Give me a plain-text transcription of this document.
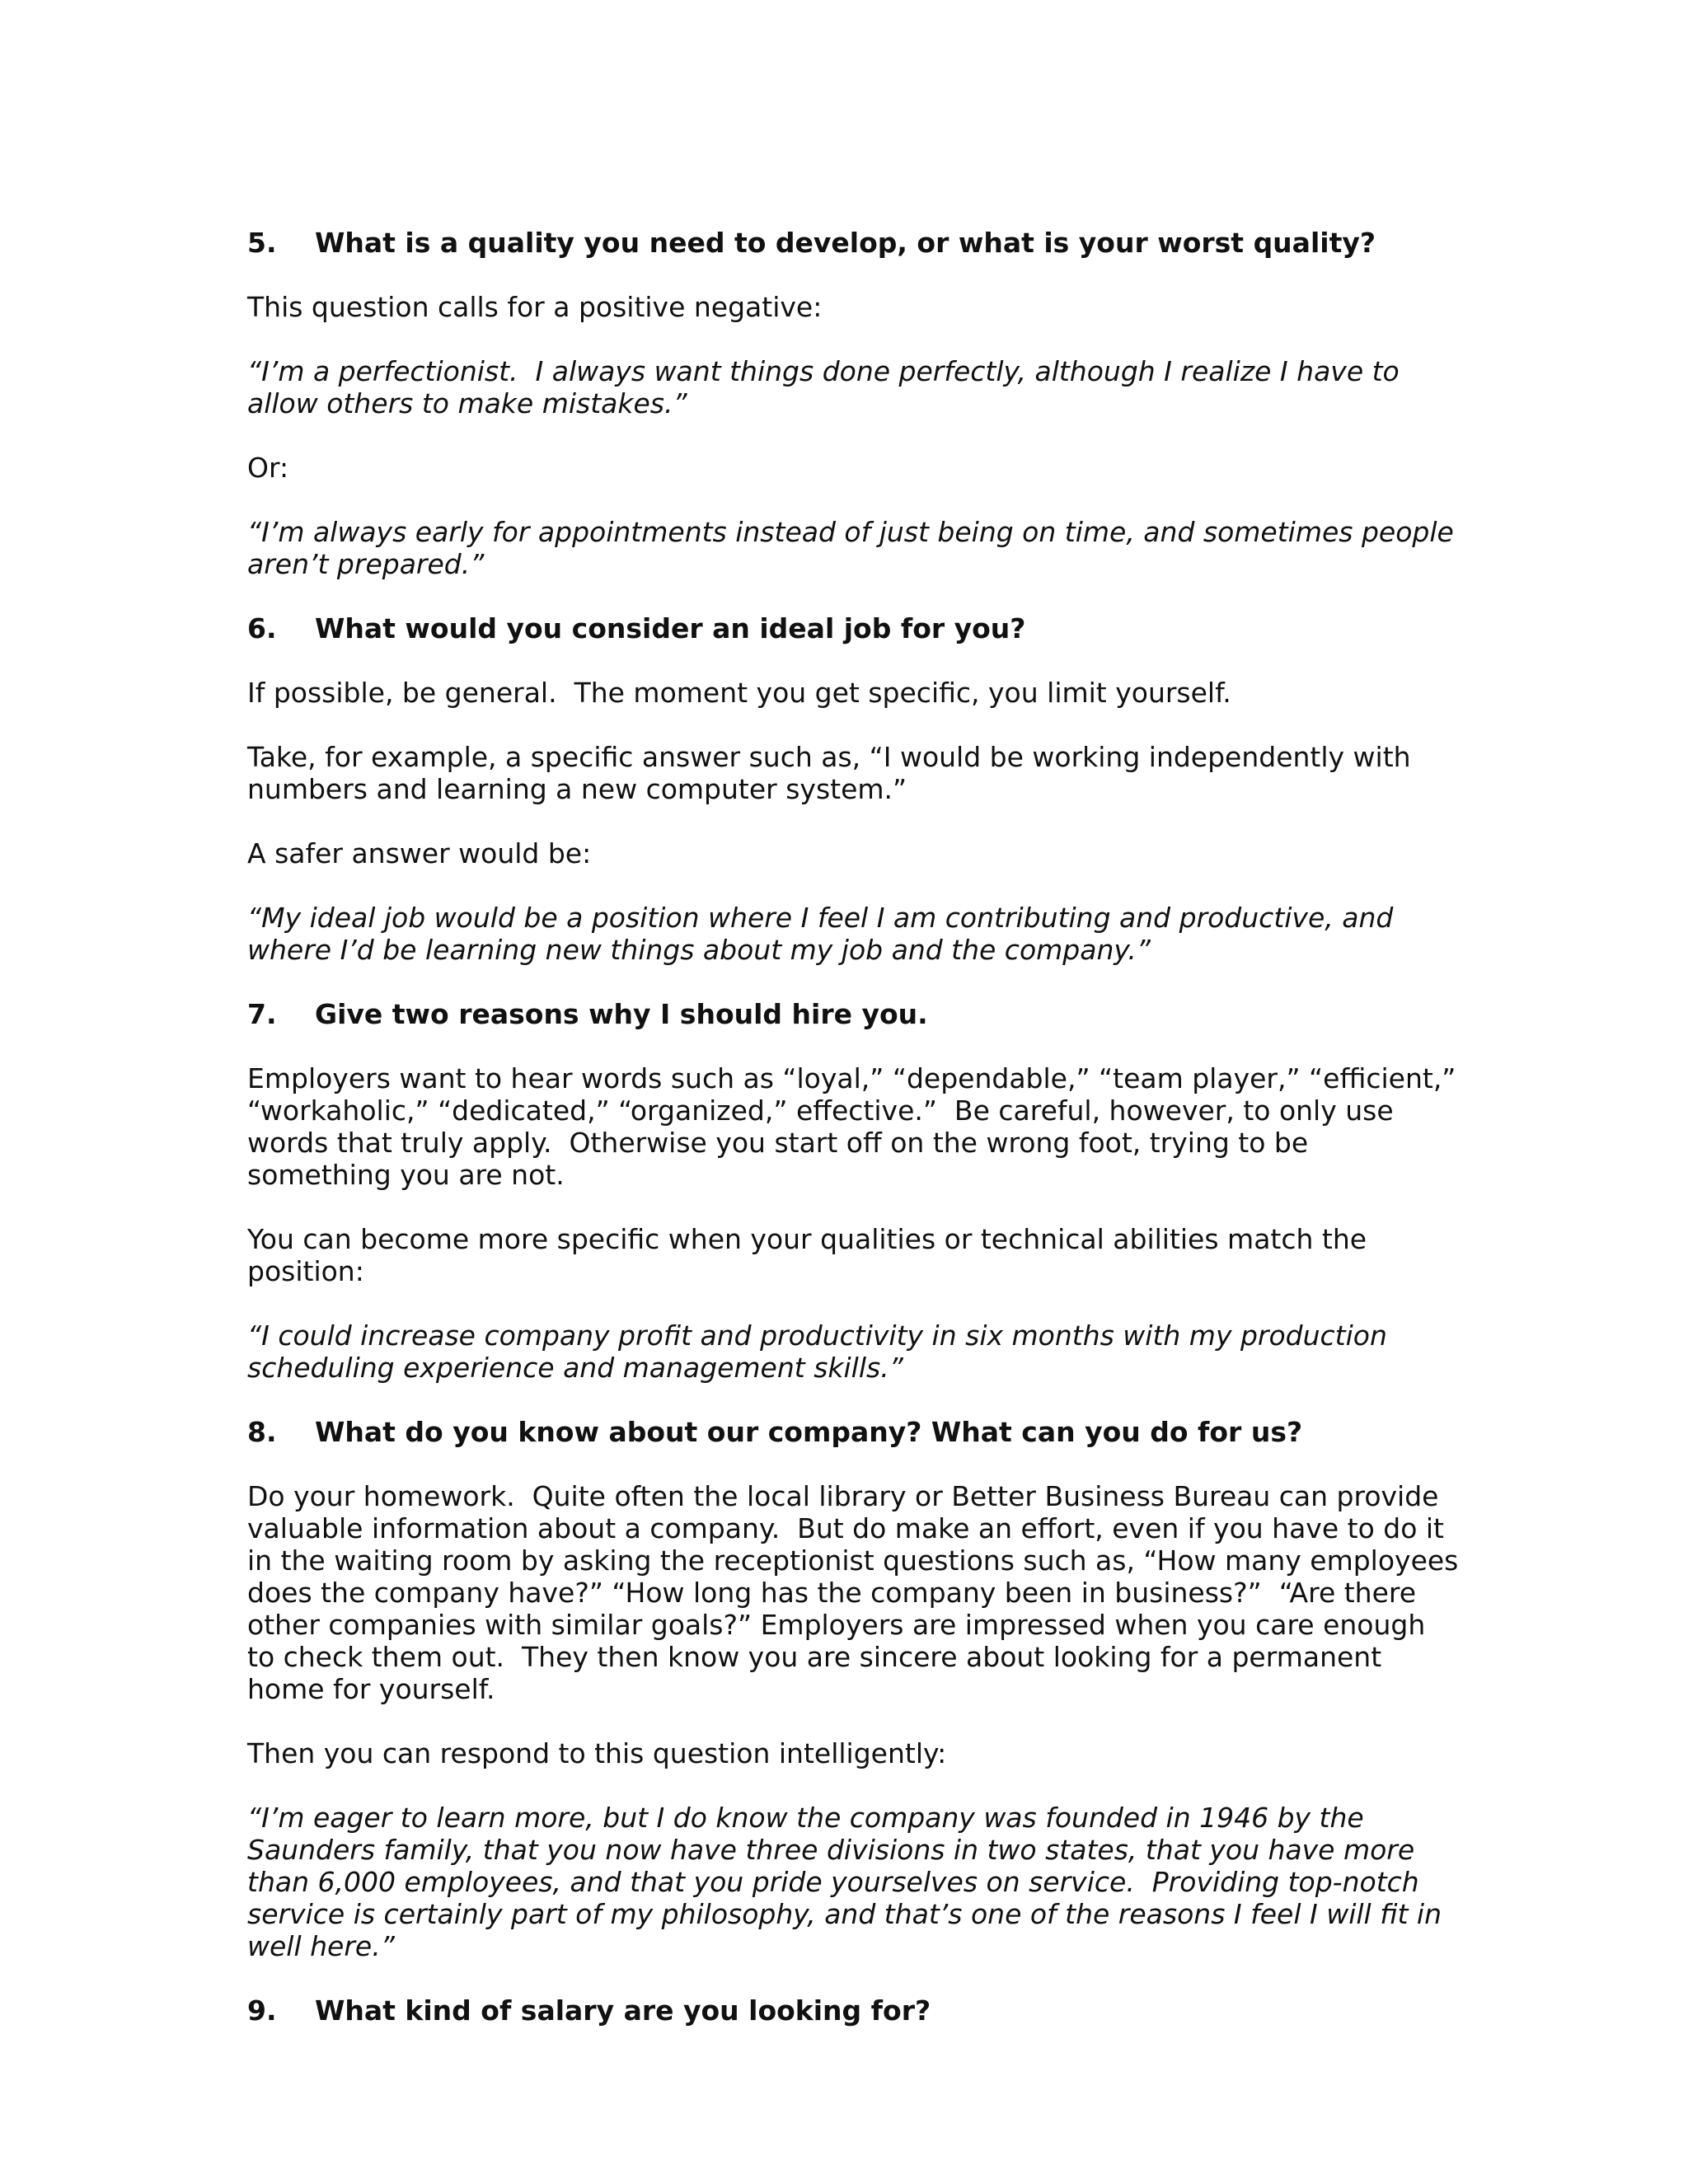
5.	What is a quality you need to develop, or what is your worst quality?
This question calls for a positive negative:
“I’m a perfectionist.  I always want things done perfectly, although I realize I have to allow others to make mistakes.”
Or:
“I’m always early for appointments instead of just being on time, and sometimes people aren’t prepared.”
6.	What would you consider an ideal job for you?
If possible, be general.  The moment you get specific, you limit yourself.
Take, for example, a specific answer such as, “I would be working independently with numbers and learning a new computer system.”
A safer answer would be:
“My ideal job would be a position where I feel I am contributing and productive, and where I’d be learning new things about my job and the company.”
7.	Give two reasons why I should hire you.
Employers want to hear words such as “loyal,” “dependable,” “team player,” “efficient,” “workaholic,” “dedicated,” “organized,” effective.”  Be careful, however, to only use words that truly apply.  Otherwise you start off on the wrong foot, trying to be something you are not.
You can become more specific when your qualities or technical abilities match the position:
“I could increase company profit and productivity in six months with my production scheduling experience and management skills.”
8.	What do you know about our company? What can you do for us?
Do your homework.  Quite often the local library or Better Business Bureau can provide valuable information about a company.  But do make an effort, even if you have to do it in the waiting room by asking the receptionist questions such as, “How many employees does the company have?” “How long has the company been in business?”  “Are there other companies with similar goals?” Employers are impressed when you care enough to check them out.  They then know you are sincere about looking for a permanent home for yourself.
Then you can respond to this question intelligently:
“I’m eager to learn more, but I do know the company was founded in 1946 by the Saunders family, that you now have three divisions in two states, that you have more than 6,000 employees, and that you pride yourselves on service.  Providing top-notch service is certainly part of my philosophy, and that’s one of the reasons I feel I will fit in well here.”
9.	What kind of salary are you looking for?
